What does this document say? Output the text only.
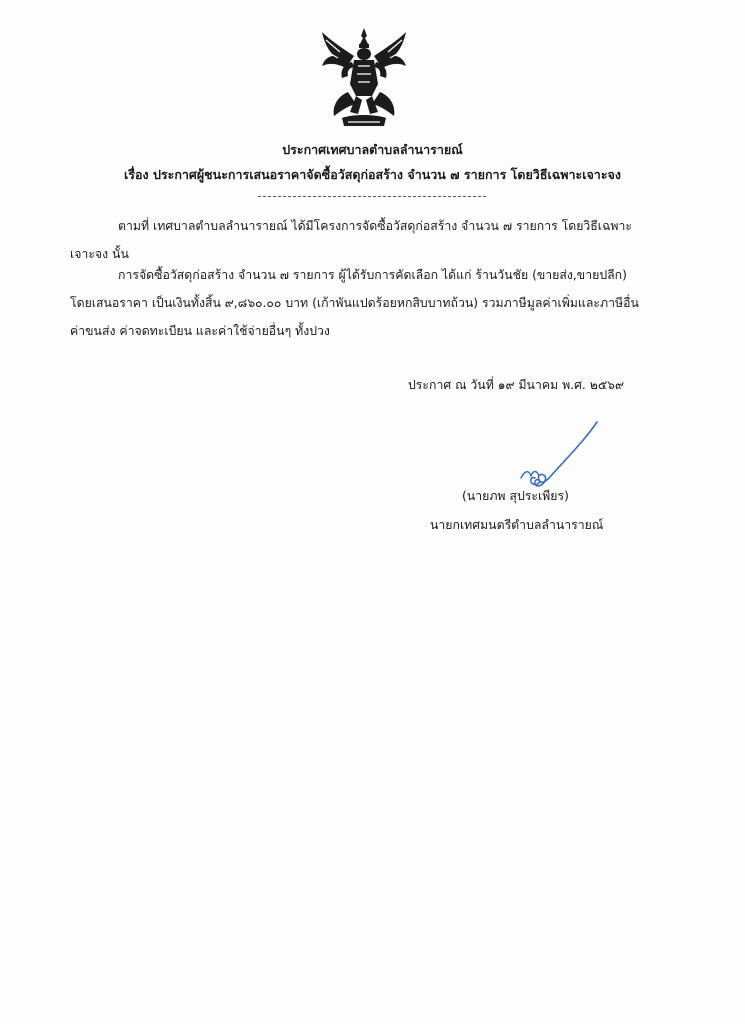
ประกาศเทศบาลตำบลลำนารายณ์
เรื่อง ประกาศผู้ชนะการเสนอราคาจัดซื้อวัสดุก่อสร้าง จำนวน ๗ รายการ โดยวิธีเฉพาะเจาะจง
ตามที่ เทศบาลตำบลลำนารายณ์ ได้มีโครงการจัดซื้อวัสดุก่อสร้าง จำนวน ๗ รายการ โดยวิธีเฉพาะ
เจาะจง นั้น
การจัดซื้อวัสดุก่อสร้าง จำนวน ๗ รายการ ผู้ได้รับการคัดเลือก ได้แก่ ร้านวันชัย (ขายส่ง,ขายปลีก)
โดยเสนอราคา เป็นเงินทั้งสิ้น ๙,๘๖๐.๐๐ บาท (เก้าพันแปดร้อยหกสิบบาทถ้วน) รวมภาษีมูลค่าเพิ่มและภาษีอื่น
ค่าขนส่ง ค่าจดทะเบียน และค่าใช้จ่ายอื่นๆ ทั้งปวง
ประกาศ ณ วันที่ ๑๙ มีนาคม พ.ศ. ๒๕๖๙
(นายภพ สุประเพียร)
นายกเทศมนตรีตำบลลำนารายณ์
